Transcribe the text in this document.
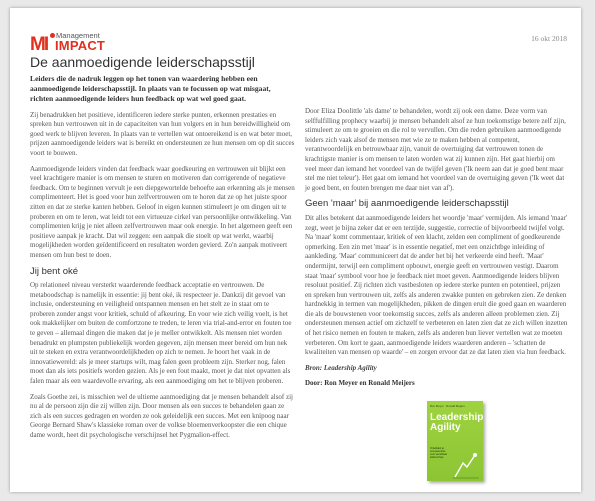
MI	Management
IMPACT	16 okt 2018
De aanmoedigende leiderschapsstijl

Leiders die de nadruk leggen op het tonen van waardering hebben een aanmoedigende leiderschapsstijl. In plaats van te focussen op wat misgaat, richten aanmoedigende leiders hun feedback op wat wel goed gaat.

Zij benadrukken het positieve, identificeren iedere sterke punten, erkennen prestaties en spreken hun vertrouwen uit in de capaciteiten van hun volgers en in hun bereidwilligheid om goed werk te blijven leveren. In plaats van te vertellen wat ontoereikend is en wat beter moet, prijzen aanmoedigende leiders wat is bereikt en ondersteunen ze hun mensen om op dit succes voort te bouwen.

Aanmoedigende leiders vinden dat feedback waar goedkeuring en vertrouwen uit blijkt een veel krachtigere manier is om mensen te sturen en motiveren dan corrigerende of negatieve feedback. Om te beginnen vervult je een diepgewortelde behoefte aan erkenning als je mensen complimenteert. Het is goed voor hun zelfvertrouwen om te horen dat ze op het juiste spoor zitten en dat ze sterke kanten hebben. Geloof in eigen kunnen stimuleert je om dingen uit te proberen en om te leren, wat leidt tot een virtueuze cirkel van persoonlijke ontwikkeling. Van complimenten krijg je niet alleen zelfvertrouwen maar ook energie. In het algemeen geeft een positieve aanpak je kracht. Dat wil zeggen: een aanpak die stoelt op wat werkt, waarbij mogelijkheden worden geïdentificeerd en resultaten worden gevierd. Zo'n aanpak motiveert mensen om hun best te doen.

Jij bent oké

Op relationeel niveau versterkt waarderende feedback acceptatie en vertrouwen. De metaboodschap is namelijk in essentie: jij bent oké, ik respecteer je. Dankzij dit gevoel van inclusie, ondersteuning en veiligheid ontspannen mensen en het stelt ze in staat om te proberen zonder angst voor kritiek, schuld of afkeuring. En voor wie zich veilig voelt, is het ook makkelijker om buiten de comfortzone te treden, te leren via trial-and-error en fouten toe te geven – allemaal dingen die maken dat je je meller ontwikkelt. Als mensen niet worden benadrukt en plumpsten publiekelijk worden gegeven, zijn mensen meer bereid om hun nek uit te steken en extra verantwoordelijkheden op zich te nemen. Je hoort het vaak in de innovatiewereld: als je meer startups wilt, mag falen geen probleem zijn. Sterker nog, falen moet dan als iets positiefs worden gezien. Als je een fout maakt, moet je dat niet opvatten als falen maar als een waardevolle ervaring, als een aanmoediging om het te blijven proberen.

Zoals Goethe zei, is misschien wel de ultieme aanmoediging dat je mensen behandelt alsof zij nu al de persoon zijn die zij willen zijn. Door mensen als een succes te behandelen gaan ze zich als een succes gedragen en worden ze ook geleidelijk een succes. Met een knipoog naar George Bernard Shaw's klassieke roman over de volkse bloemenverkoopster die een chique dame wordt, heet dit psychologische verschijnsel het Pygmalion-effect.

Door Eliza Doolittle 'als dame' te behandelen, wordt zij ook een dame. Deze vorm van selffulfilling prophecy waarbij je mensen behandelt alsof ze hun toekomstige betere zelf zijn, stimuleert ze om te groeien en die rol te vervullen. Om die reden gebruiken aanmoedigende leiders zich vaak alsof de mensen met wie ze te maken hebben al competent, verantwoordelijk en betrouwbaar zijn, vanuit de overtuiging dat vertrouwen tonen de krachtigste manier is om mensen te laten worden wat zij kunnen zijn. Het gaat hierbij om veel meer dan iemand het voordeel van de twijfel geven ('Ik neem aan dat je goed bent maar stel me niet teleur'). Het gaat om iemand het voordeel van de overtuiging geven ('Ik weet dat je goed bent, en fouten brengen me daar niet van af').

Geen 'maar' bij aanmoedigende leiderschapsstijl

Dit alles betekent dat aanmoedigende leiders het woordje 'maar' vermijden. Als iemand 'maar' zegt, weet je bijna zeker dat er een terzijde, suggestie, correctie of bijvoorbeeld twijfel volgt. Na 'maar' komt commentaar, kritiek of een klacht, zelden een compliment of goedkeurende opmerking. Een zin met 'maar' is in essentie negatief, met een onzichtbge inleiding of aankleding. 'Maar' communiceert dat de ander het bij het verkeerde eind heeft. 'Maar' ondermijnt, terwijl een compliment opbouwt, energie geeft en vertrouwen vestigt. Daarom staat 'maar' symbool voor hoe je feedback niet moet geven. Aanmoedigende leiders blijven resoluut positief. Zij richten zich vastbesloten op iedere sterke punten en potentieel, prijzen en spreken hun vertrouwen uit, zelfs als anderen zwakke punten en gebreken zien. Ze denken hardnekkig in termen van mogelijkheden, pikken de dingen eruit die goed gaan en waarderen die als de bouwstenen voor toekomstig succes, zelfs als anderen alleen problemen zien. Zij ondersteunen mensen actief om zichzelf te verbeteren en laten zien dat ze zich willen inzetten of het risico nemen en fouten te maken, zelfs als anderen hun liever vertellen wat ze moeten verbeteren. Om kort te gaan, aanmoedigende leiders waarderen anderen – 'schatten de kwaliteiten van mensen op waarde' – en zorgen ervoor dat ze dat laten zien via hun feedback.

Bron: Leadership Agility

Door: Ron Meyer en Ronald Meijers

Ron Meyer · Ronald Meijers
Leadership
Agility
Ontwikkel je competenties voor wendbaar leiderschap
